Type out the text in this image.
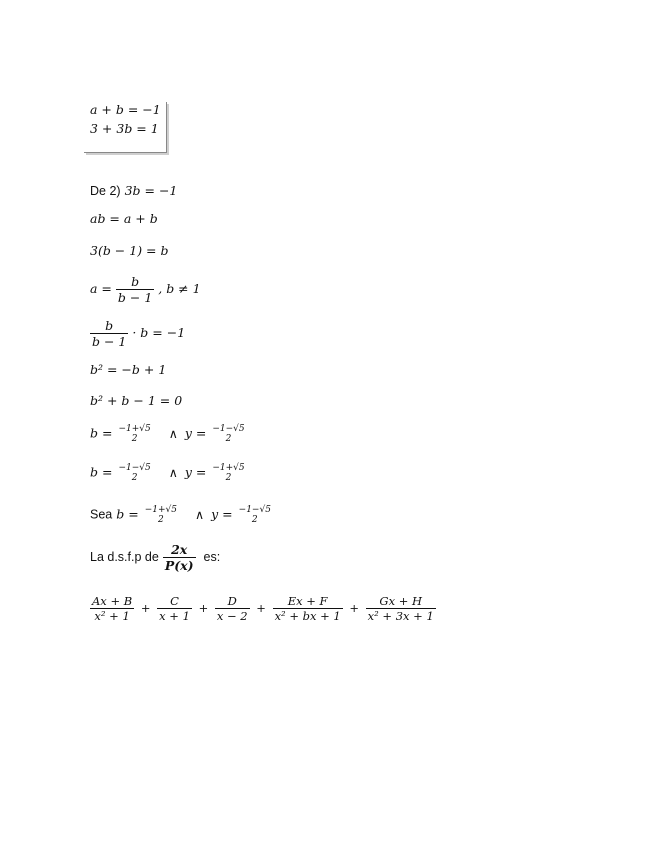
a + b = −1
3 + 3b = 1
De 2) 3b = −1
ab = a + b
3(b − 1) = b
$a = \frac{b}{b - 1}$ , b ≠ 1
$\frac{b}{b - 1} \cdot b = -1$
b² = −b + 1
b² + b − 1 = 0
b = −1+√5
2	∧ y = −1−√5
2
b = −1−√5
2	∧ y = −1+√5
2
Sea b = −1+√5
2	∧ y = −1−√5
2
La d.s.f.p de $\frac{2x}{P(x)}$ es:
$\frac{Ax + B}{\text{x² + 1}} + \frac{C}{x + 1} + \frac{D}{x - 2} + \frac{Ex + F}{\text{x² + bx + 1}} + \frac{Gx + H}{\text{x² + 3x + 1}}$
